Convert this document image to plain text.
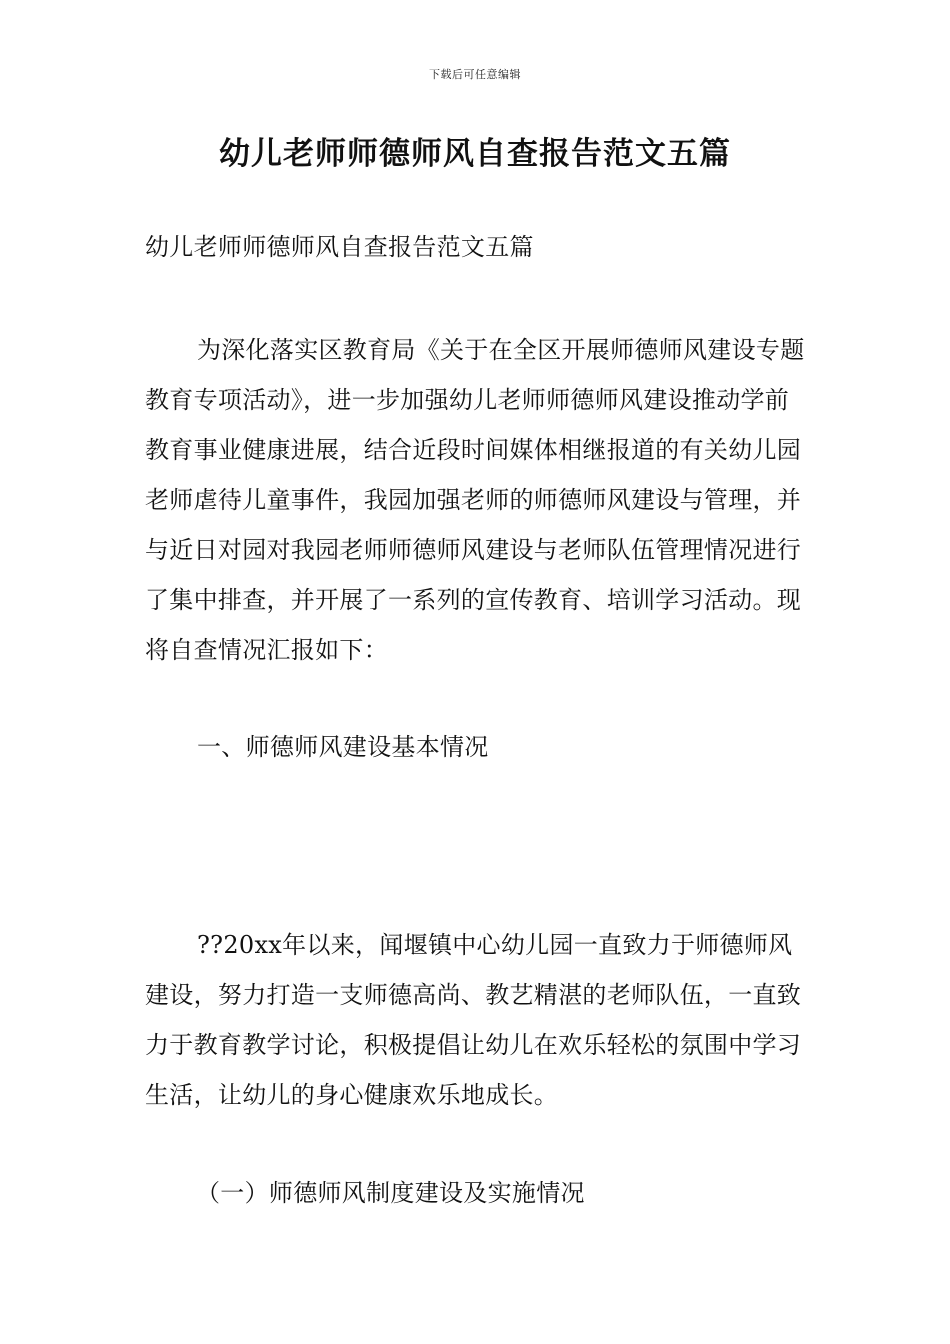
下载后可任意编辑
幼儿老师师德师风自查报告范文五篇

幼儿老师师德师风自查报告范文五篇

为深化落实区教育局《关于在全区开展师德师风建设专题教育专项活动》，进一步加强幼儿老师师德师风建设推动学前教育事业健康进展，结合近段时间媒体相继报道的有关幼儿园老师虐待儿童事件，我园加强老师的师德师风建设与管理，并与近日对园对我园老师师德师风建设与老师队伍管理情况进行了集中排查，并开展了一系列的宣传教育、培训学习活动。现将自查情况汇报如下：

一、师德师风建设基本情况

??20xx年以来，闻堰镇中心幼儿园一直致力于师德师风建设，努力打造一支师德高尚、教艺精湛的老师队伍，一直致力于教育教学讨论，积极提倡让幼儿在欢乐轻松的氛围中学习生活，让幼儿的身心健康欢乐地成长。

（一）师德师风制度建设及实施情况
